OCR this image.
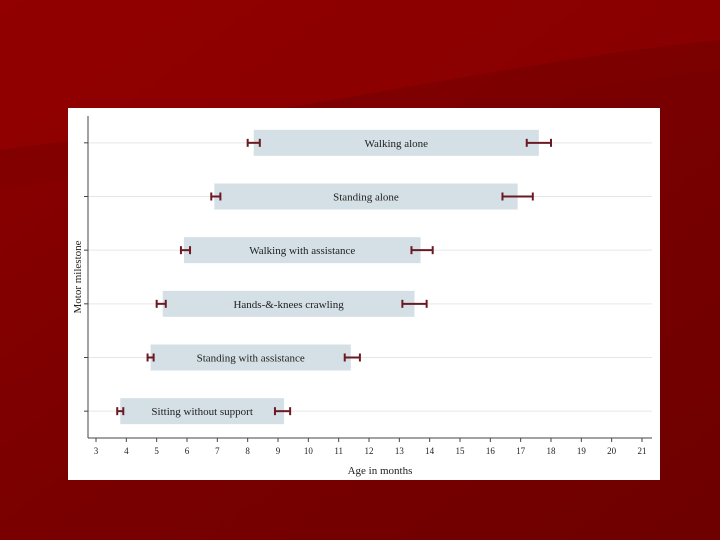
Sitting without support
Standing with assistance
Hands-&-knees crawling
Walking with assistance
Standing alone
Walking alone
3	4	5	6	7	8	9	10 11 12 13 14 15 16 17 18 19 20 21
Age in months
Motor milestone
